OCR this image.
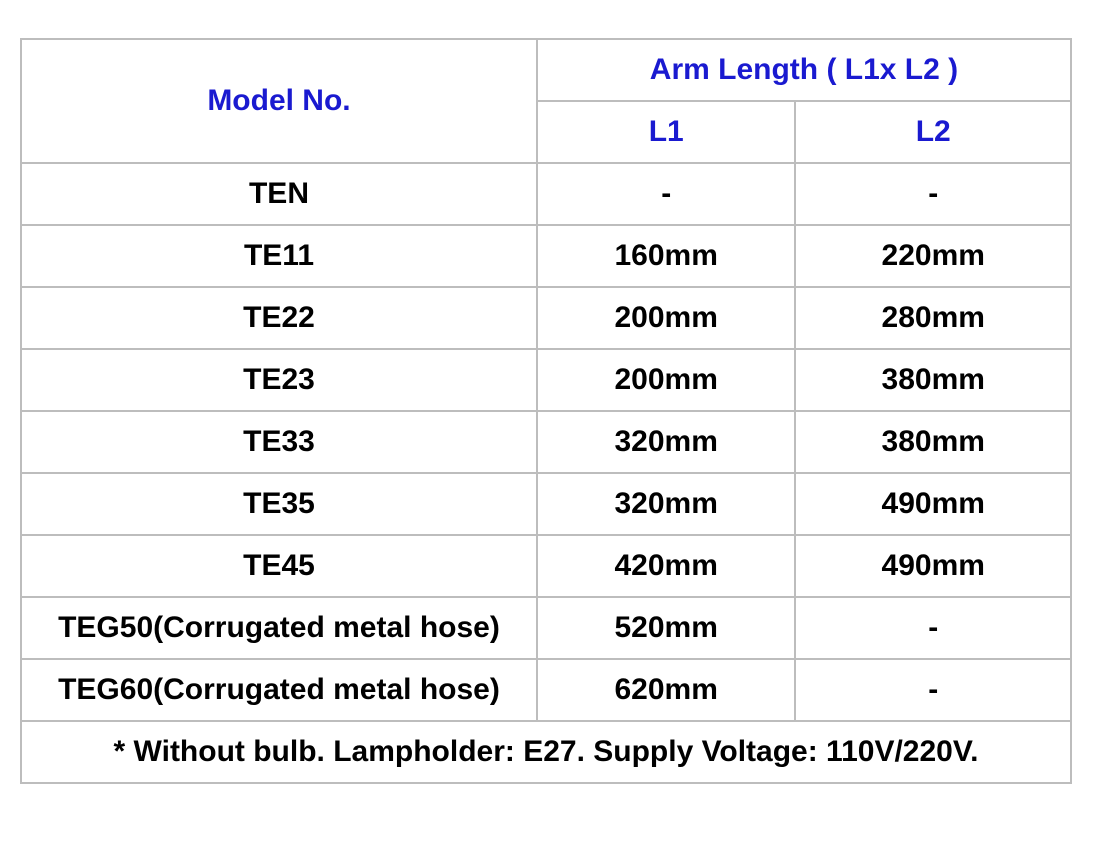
Model No.	Arm Length ( L1x L2 )	
	L1	L2
TEN	-	-
TE11	160mm	220mm
TE22	200mm	280mm
TE23	200mm	380mm
TE33	320mm	380mm
TE35	320mm	490mm
TE45	420mm	490mm
TEG50(Corrugated metal hose)	520mm	-
TEG60(Corrugated metal hose)	620mm	-
* Without bulb. Lampholder: E27. Supply Voltage: 110V/220V.		
